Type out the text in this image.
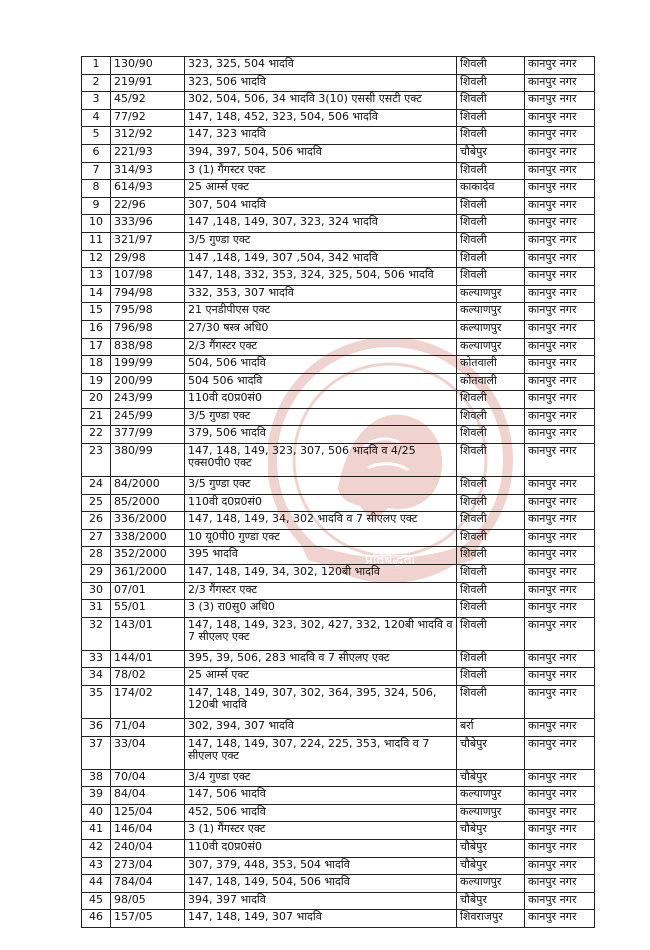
प्रतिबद्धता
1	130/90	323, 325, 504 भादवि	शिवली	कानपुर नगर
2	219/91	323, 506 भादवि	शिवली	कानपुर नगर
3	45/92	302, 504, 506, 34 भादवि 3(10) एससी एसटी एक्ट	शिवली	कानपुर नगर
4	77/92	147, 148, 452, 323, 504, 506 भादवि	शिवली	कानपुर नगर
5	312/92	147, 323 भादवि	शिवली	कानपुर नगर
6	221/93	394, 397, 504, 506 भादवि	चौबेपुर	कानपुर नगर
7	314/93	3 (1) गैंगस्टर एक्ट	शिवली	कानपुर नगर
8	614/93	25 आर्म्स एक्ट	काकादेव	कानपुर नगर
9	22/96	307, 504 भादवि	शिवली	कानपुर नगर
10	333/96	147 ,148, 149, 307, 323, 324 भादवि	शिवली	कानपुर नगर
11	321/97	3/5 गुण्डा एक्ट	शिवली	कानपुर नगर
12	29/98	147 ,148, 149, 307 ,504, 342 भादवि	शिवली	कानपुर नगर
13	107/98	147, 148, 332, 353, 324, 325, 504, 506 भादवि	शिवली	कानपुर नगर
14	794/98	332, 353, 307 भादवि	कल्याणपुर	कानपुर नगर
15	795/98	21 एनडीपीएस एक्ट	कल्याणपुर	कानपुर नगर
16	796/98	27/30 षस्त्र अधि0	कल्याणपुर	कानपुर नगर
17	838/98	2/3 गैंगस्टर एक्ट	कल्याणपुर	कानपुर नगर
18	199/99	504, 506 भादवि	कोतवाली	कानपुर नगर
19	200/99	504 506 भादवि	कोतवाली	कानपुर नगर
20	243/99	110वी द0प्र0सं0	शिवली	कानपुर नगर
21	245/99	3/5 गुण्डा एक्ट	शिवली	कानपुर नगर
22	377/99	379, 506 भादवि	शिवली	कानपुर नगर
23	380/99	147, 148, 149, 323, 307, 506 भादवि व 4/25 एक्स0पी0 एक्ट	शिवली	कानपुर नगर
24	84/2000	3/5 गुण्डा एक्ट	शिवली	कानपुर नगर
25	85/2000	110वी द0प्र0सं0	शिवली	कानपुर नगर
26	336/2000	147, 148, 149, 34, 302 भादवि व 7 सीएलए एक्ट	शिवली	कानपुर नगर
27	338/2000	10 यू0पी0 गुण्डा एक्ट	शिवली	कानपुर नगर
28	352/2000	395 भादवि	शिवली	कानपुर नगर
29	361/2000	147, 148, 149, 34, 302, 120बी भादवि	शिवली	कानपुर नगर
30	07/01	2/3 गैंगस्टर एक्ट	शिवली	कानपुर नगर
31	55/01	3 (3) रा0सु0 अधि0	शिवली	कानपुर नगर
32	143/01	147, 148, 149, 323, 302, 427, 332, 120बी भादवि व 7 सीएलए एक्ट	शिवली	कानपुर नगर
33	144/01	395, 39, 506, 283 भादवि व 7 सीएलए एक्ट	शिवली	कानपुर नगर
34	78/02	25 आर्म्स एक्ट	शिवली	कानपुर नगर
35	174/02	147, 148, 149, 307, 302, 364, 395, 324, 506, 120बी भादवि	शिवली	कानपुर नगर
36	71/04	302, 394, 307 भादवि	बर्रा	कानपुर नगर
37	33/04	147, 148, 149, 307, 224, 225, 353, भादवि व 7 सीएलए एक्ट	चौबेपुर	कानपुर नगर
38	70/04	3/4 गुण्डा एक्ट	चौबेपुर	कानपुर नगर
39	84/04	147, 506 भादवि	कल्याणपुर	कानपुर नगर
40	125/04	452, 506 भादवि	कल्याणपुर	कानपुर नगर
41	146/04	3 (1) गैंगस्टर एक्ट	चौबेपुर	कानपुर नगर
42	240/04	110वी द0प्र0सं0	चौबेपुर	कानपुर नगर
43	273/04	307, 379, 448, 353, 504 भादवि	चौबेपुर	कानपुर नगर
44	784/04	147, 148, 149, 504, 506 भादवि	कल्याणपुर	कानपुर नगर
45	98/05	394, 397 भादवि	चौबेपुर	कानपुर नगर
46	157/05	147, 148, 149, 307 भादवि	शिवराजपुर	कानपुर नगर
